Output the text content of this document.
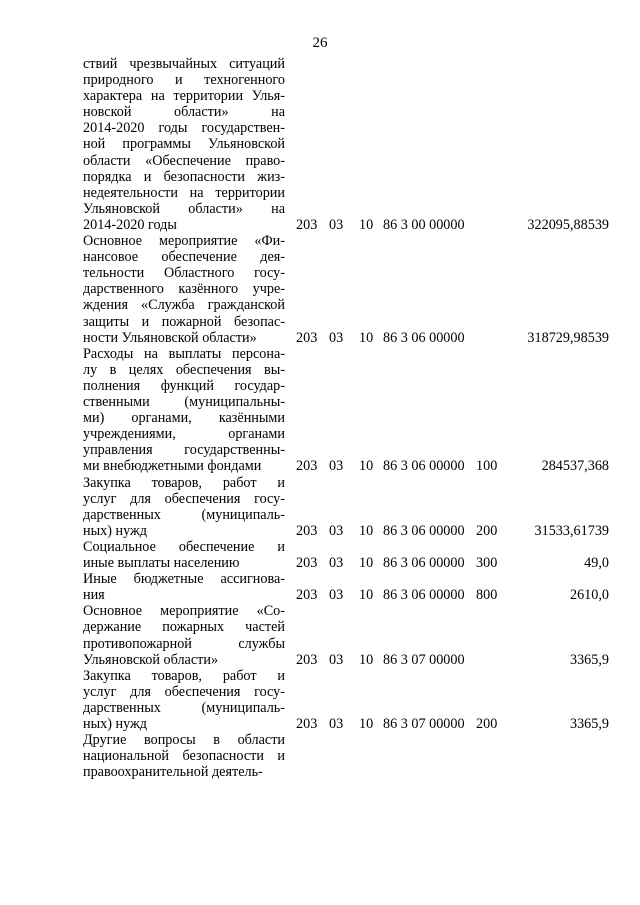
26
ствий чрезвычайных ситуаций
природного и техногенного
характера на территории Улья-
новской области» на
2014-2020 годы государствен-
ной программы Ульяновской
области «Обеспечение право-
порядка и безопасности жиз-
недеятельности на территории
Ульяновской области» на
2014-2020 годы	203 03 10 86 3 00 00000	322095,88539
Основное мероприятие «Фи-
нансовое обеспечение дея-
тельности Областного госу-
дарственного казённого учре-
ждения «Служба гражданской
защиты и пожарной безопас-
ности Ульяновской области»	203 03 10 86 3 06 00000	318729,98539
Расходы на выплаты персона-
лу в целях обеспечения вы-
полнения функций государ-
ственными (муниципальны-
ми) органами, казёнными
учреждениями, органами
управления государственны-
ми внебюджетными фондами	203 03 10 86 3 06 00000 100	284537,368
Закупка товаров, работ и
услуг для обеспечения госу-
дарственных (муниципаль-
ных) нужд	203 03 10 86 3 06 00000 200	31533,61739
Социальное обеспечение и
иные выплаты населению	203 03 10 86 3 06 00000 300	49,0
Иные бюджетные ассигнова-
ния	203 03 10 86 3 06 00000 800	2610,0
Основное мероприятие «Со-
держание пожарных частей
противопожарной службы
Ульяновской области»	203 03 10 86 3 07 00000	3365,9
Закупка товаров, работ и
услуг для обеспечения госу-
дарственных (муниципаль-
ных) нужд	203 03 10 86 3 07 00000 200	3365,9
Другие вопросы в области
национальной безопасности и
правоохранительной деятель-
